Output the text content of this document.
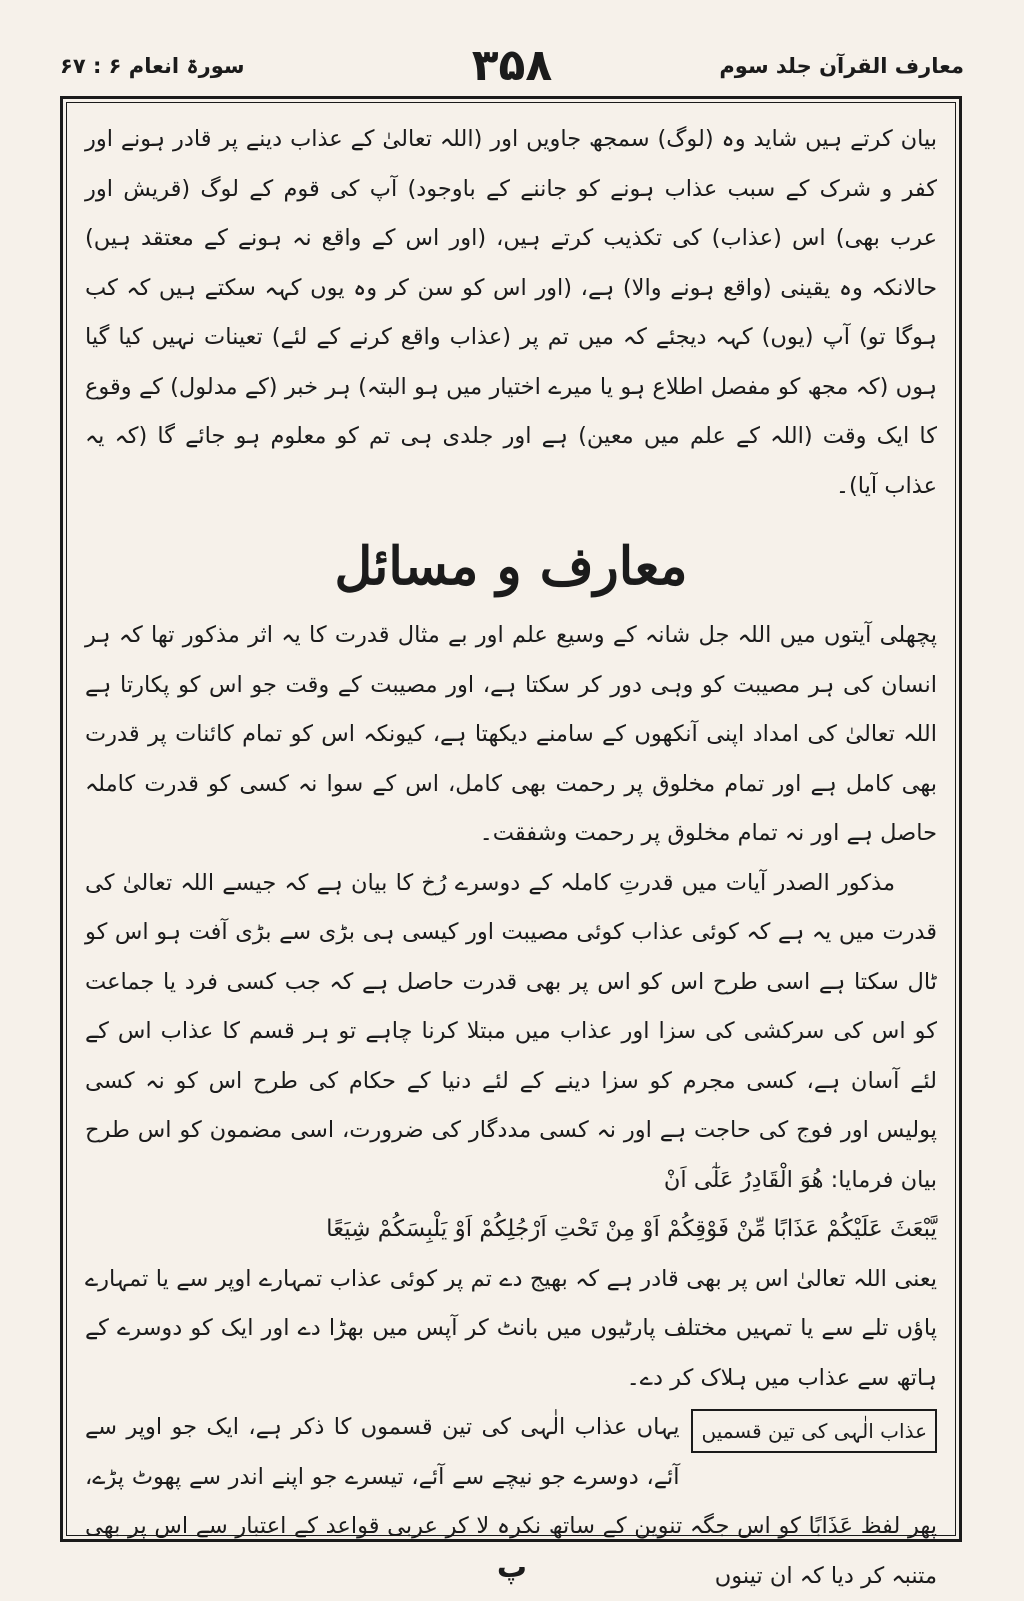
معارف القرآن جلد سوم
۳۵۸
سورۃ انعام ۶ : ۶۷

بیان کرتے ہیں شاید وہ (لوگ) سمجھ جاویں اور (اللہ تعالیٰ کے عذاب دینے پر قادر ہونے اور کفر و شرک کے سبب عذاب ہونے کو جاننے کے باوجود) آپ کی قوم کے لوگ (قریش اور عرب بھی) اس (عذاب) کی تکذیب کرتے ہیں، (اور اس کے واقع نہ ہونے کے معتقد ہیں) حالانکہ وہ یقینی (واقع ہونے والا) ہے، (اور اس کو سن کر وہ یوں کہہ سکتے ہیں کہ کب ہوگا تو) آپ (یوں) کہہ دیجئے کہ میں تم پر (عذاب واقع کرنے کے لئے) تعینات نہیں کیا گیا ہوں (کہ مجھ کو مفصل اطلاع ہو یا میرے اختیار میں ہو البتہ) ہر خبر (کے مدلول) کے وقوع کا ایک وقت (اللہ کے علم میں معین) ہے اور جلدی ہی تم کو معلوم ہو جائے گا (کہ یہ عذاب آیا)۔

معارف و مسائل

پچھلی آیتوں میں اللہ جل شانہ کے وسیع علم اور بے مثال قدرت کا یہ اثر مذکور تھا کہ ہر انسان کی ہر مصیبت کو وہی دور کر سکتا ہے، اور مصیبت کے وقت جو اس کو پکارتا ہے اللہ تعالیٰ کی امداد اپنی آنکھوں کے سامنے دیکھتا ہے، کیونکہ اس کو تمام کائنات پر قدرت بھی کامل ہے اور تمام مخلوق پر رحمت بھی کامل، اس کے سوا نہ کسی کو قدرت کاملہ حاصل ہے اور نہ تمام مخلوق پر رحمت وشفقت۔

مذکور الصدر آیات میں قدرتِ کاملہ کے دوسرے رُخ کا بیان ہے کہ جیسے اللہ تعالیٰ کی قدرت میں یہ ہے کہ کوئی عذاب کوئی مصیبت اور کیسی ہی بڑی سے بڑی آفت ہو اس کو ٹال سکتا ہے اسی طرح اس کو اس پر بھی قدرت حاصل ہے کہ جب کسی فرد یا جماعت کو اس کی سرکشی کی سزا اور عذاب میں مبتلا کرنا چاہے تو ہر قسم کا عذاب اس کے لئے آسان ہے، کسی مجرم کو سزا دینے کے لئے دنیا کے حکام کی طرح اس کو نہ کسی پولیس اور فوج کی حاجت ہے اور نہ کسی مددگار کی ضرورت، اسی مضمون کو اس طرح بیان فرمایا: هُوَ الْقَادِرُ عَلٰٓی اَنْ

يَّبْعَثَ عَلَيْكُمْ عَذَابًا مِّنْ فَوْقِكُمْ اَوْ مِنْ تَحْتِ اَرْجُلِكُمْ اَوْ يَلْبِسَكُمْ شِيَعًا

یعنی اللہ تعالیٰ اس پر بھی قادر ہے کہ بھیج دے تم پر کوئی عذاب تمہارے اوپر سے یا تمہارے پاؤں تلے سے یا تمہیں مختلف پارٹیوں میں بانٹ کر آپس میں بھڑا دے اور ایک کو دوسرے کے ہاتھ سے عذاب میں ہلاک کر دے۔

عذاب الٰہی کی تین قسمیں

یہاں عذاب الٰہی کی تین قسموں کا ذکر ہے، ایک جو اوپر سے آئے، دوسرے جو نیچے سے آئے، تیسرے جو اپنے اندر سے پھوٹ پڑے، پھر لفظ عَذَابًا کو اس جگہ تنوین کے ساتھ نکرہ لا کر عربی قواعد کے اعتبار سے اس پر بھی متنبہ کر دیا کہ ان تینوں

پ
